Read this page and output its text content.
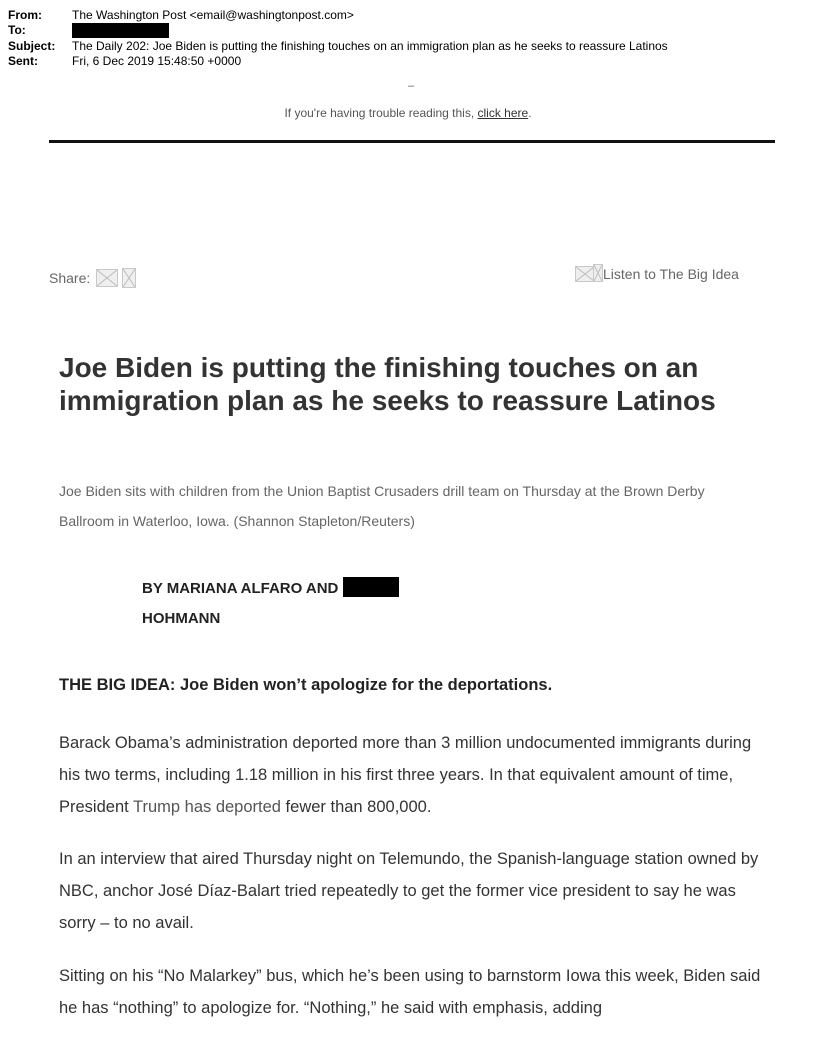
From:	The Washington Post <email@washingtonpost.com>
To:
Subject: The Daily 202: Joe Biden is putting the finishing touches on an immigration plan as he seeks to reassure Latinos
Sent:	Fri, 6 Dec 2019 15:48:50 +0000
–
If you're having trouble reading this, click here.
Share:	Listen to The Big Idea
Joe Biden is putting the finishing touches on an immigration plan as he seeks to reassure Latinos

Joe Biden sits with children from the Union Baptist Crusaders drill team on Thursday at the Brown Derby Ballroom in Waterloo, Iowa. (Shannon Stapleton/Reuters)

BY MARIANA ALFARO AND
HOHMANN

THE BIG IDEA: Joe Biden won’t apologize for the deportations.

Barack Obama’s administration deported more than 3 million undocumented immigrants during his two terms, including 1.18 million in his first three years. In that equivalent amount of time, President Trump has deported fewer than 800,000.

In an interview that aired Thursday night on Telemundo, the Spanish-language station owned by NBC, anchor José Díaz-Balart tried repeatedly to get the former vice president to say he was sorry – to no avail.

Sitting on his “No Malarkey” bus, which he’s been using to barnstorm Iowa this week, Biden said he has “nothing” to apologize for. “Nothing,” he said with emphasis, adding
